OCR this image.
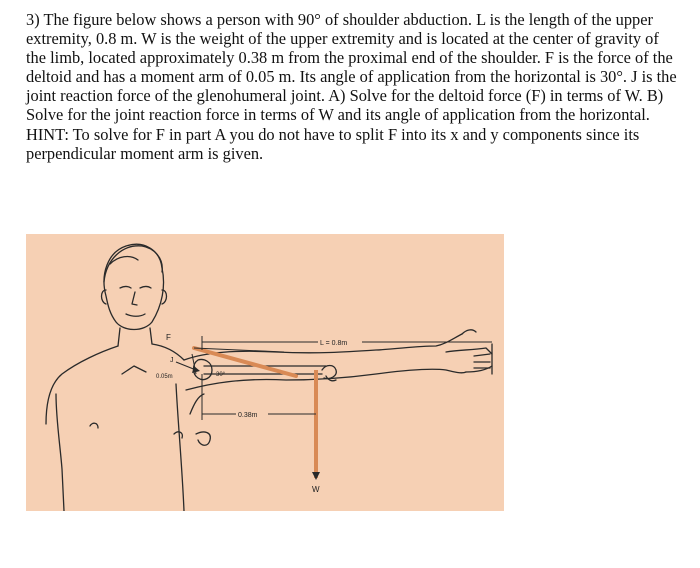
3) The figure below shows a person with 90° of shoulder abduction. L is the length of the upper extremity, 0.8 m. W is the weight of the upper extremity and is located at the center of gravity of the limb, located approximately 0.38 m from the proximal end of the shoulder. F is the force of the deltoid and has a moment arm of 0.05 m. Its angle of application from the horizontal is 30°. J is the joint reaction force of the glenohumeral joint. A) Solve for the deltoid force (F) in terms of W. B) Solve for the joint reaction force in terms of W and its angle of application from the horizontal. HINT: To solve for F in part A you do not have to split F into its x and y components since its perpendicular moment arm is given.

F
J
0.05m	30°
L = 0.8m
0.38m
W
